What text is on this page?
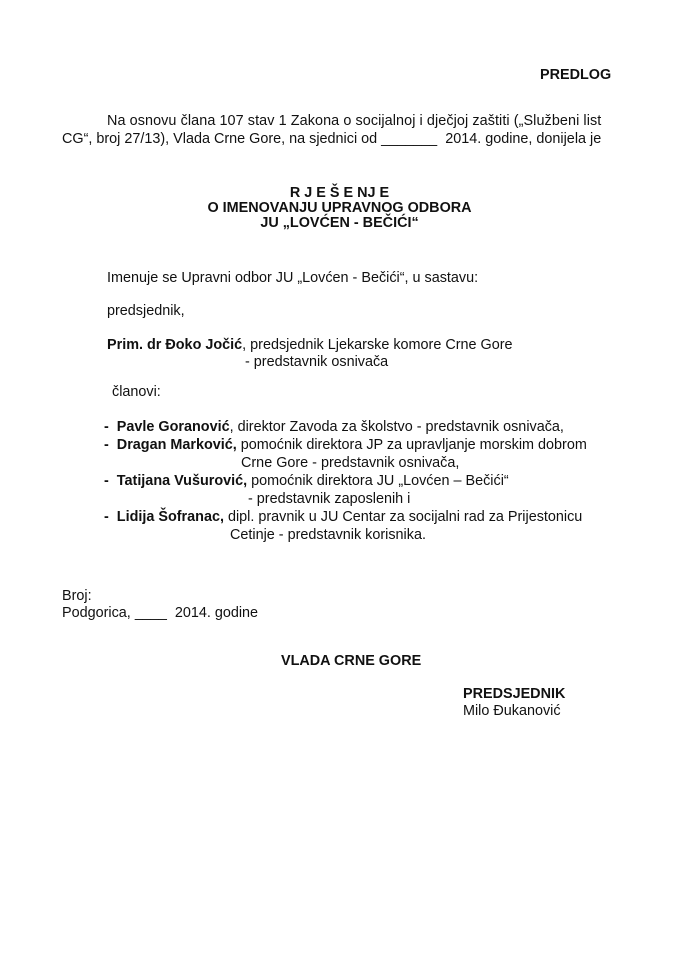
PREDLOG
Na osnovu člana 107 stav 1 Zakona o socijalnoj i dječjoj zaštiti („Službeni list
CG“, broj 27/13), Vlada Crne Gore, na sjednici od _______ 2014. godine, donijela je
R J E Š E NJ E
O IMENOVANJU UPRAVNOG ODBORA
JU „LOVĆEN - BEČIĆI“
Imenuje se Upravni odbor JU „Lovćen - Bečići“, u sastavu:
predsjednik,
Prim. dr Đoko Jočić, predsjednik Ljekarske komore Crne Gore
- predstavnik osnivača
članovi:
- Pavle Goranović, direktor Zavoda za školstvo - predstavnik osnivača,
- Dragan Marković, pomoćnik direktora JP za upravljanje morskim dobrom
Crne Gore - predstavnik osnivača,
- Tatijana Vušurović, pomoćnik direktora JU „Lovćen – Bečići“
- predstavnik zaposlenih i
- Lidija Šofranac, dipl. pravnik u JU Centar za socijalni rad za Prijestonicu
Cetinje - predstavnik korisnika.
Broj:
Podgorica, ____ 2014. godine
VLADA CRNE GORE
PREDSJEDNIK
Milo Đukanović
